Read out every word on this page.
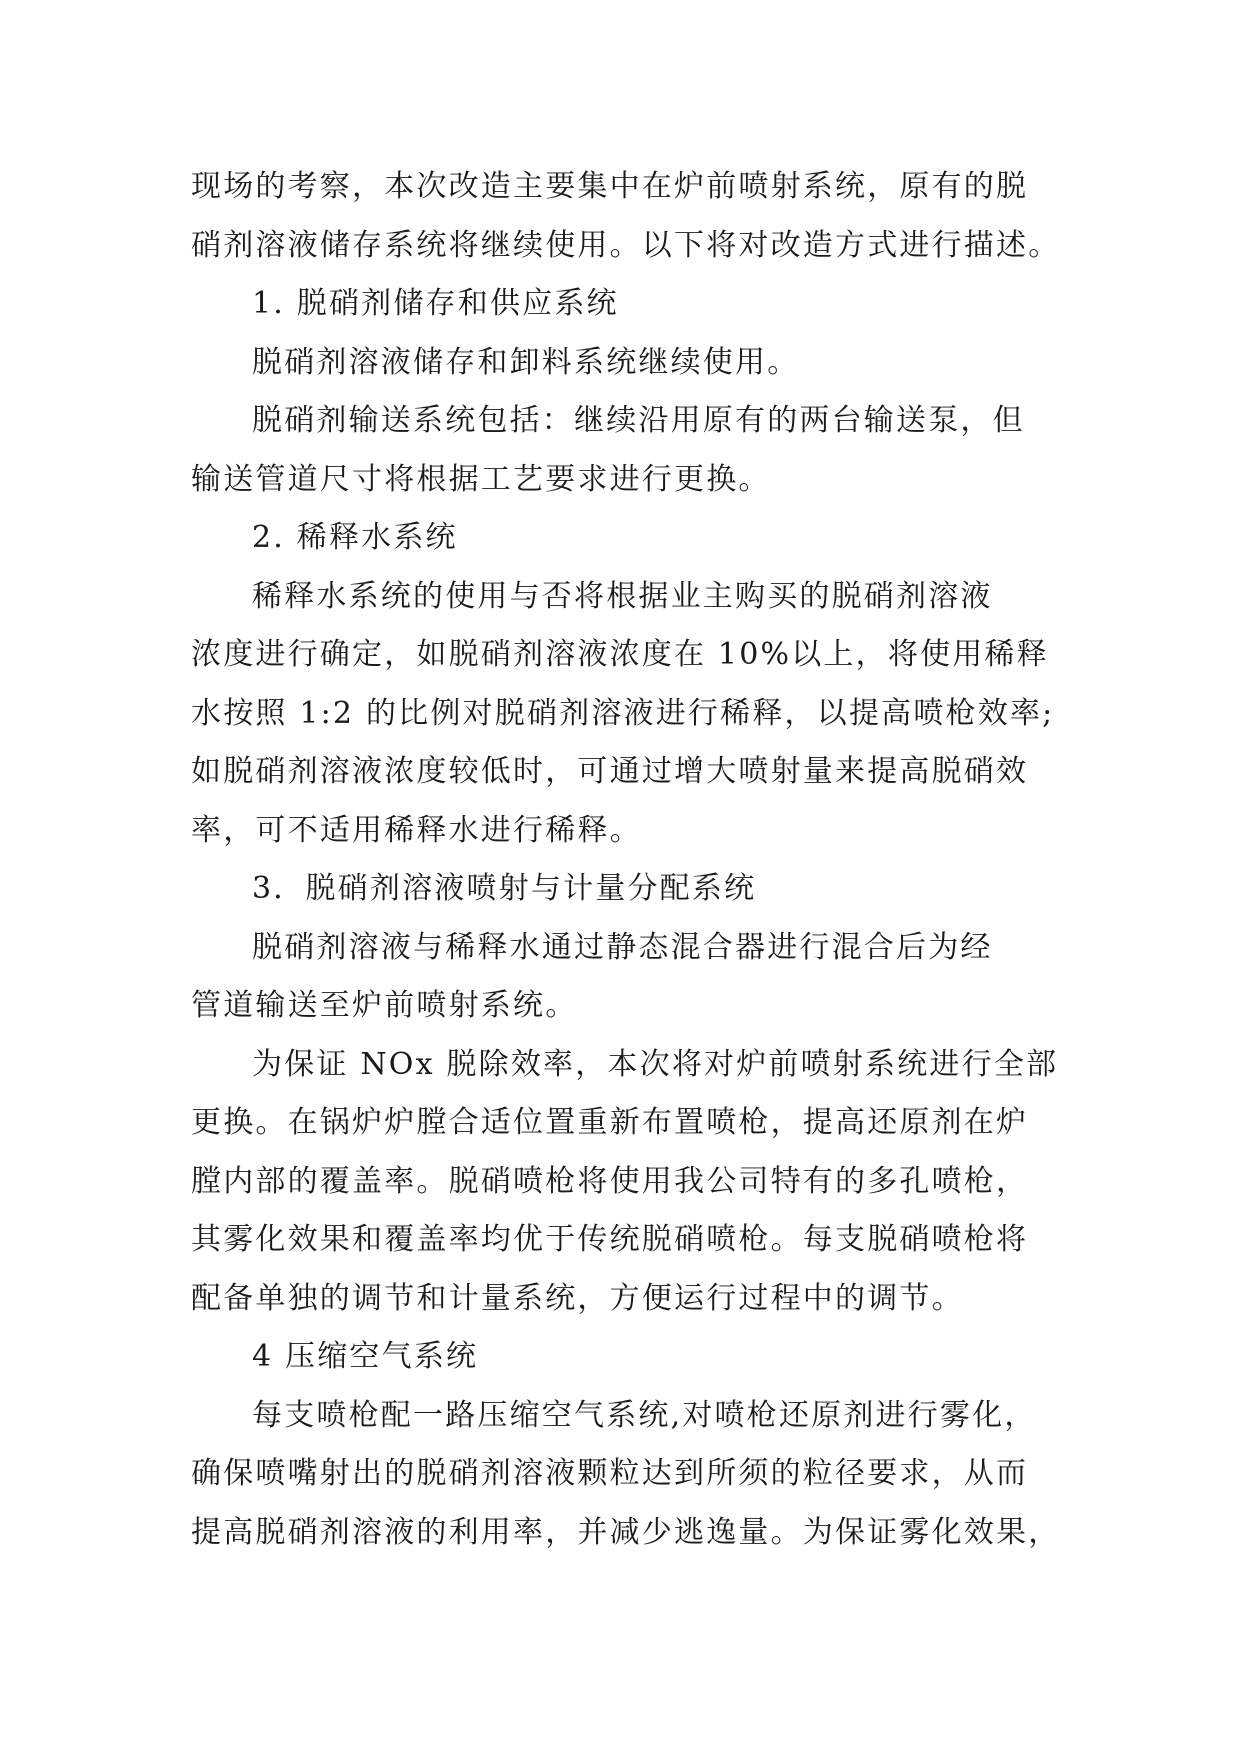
现场的考察，本次改造主要集中在炉前喷射系统，原有的脱
硝剂溶液储存系统将继续使用。以下将对改造方式进行描述。
1. 脱硝剂储存和供应系统
脱硝剂溶液储存和卸料系统继续使用。
脱硝剂输送系统包括：继续沿用原有的两台输送泵，但
输送管道尺寸将根据工艺要求进行更换。
2. 稀释水系统
稀释水系统的使用与否将根据业主购买的脱硝剂溶液
浓度进行确定，如脱硝剂溶液浓度在 10%以上，将使用稀释
水按照 1:2 的比例对脱硝剂溶液进行稀释，以提高喷枪效率;
如脱硝剂溶液浓度较低时，可通过增大喷射量来提高脱硝效
率，可不适用稀释水进行稀释。
3．脱硝剂溶液喷射与计量分配系统
脱硝剂溶液与稀释水通过静态混合器进行混合后为经
管道输送至炉前喷射系统。
为保证 NOx 脱除效率，本次将对炉前喷射系统进行全部
更换。在锅炉炉膛合适位置重新布置喷枪，提高还原剂在炉
膛内部的覆盖率。脱硝喷枪将使用我公司特有的多孔喷枪，
其雾化效果和覆盖率均优于传统脱硝喷枪。每支脱硝喷枪将
配备单独的调节和计量系统，方便运行过程中的调节。
4 压缩空气系统
每支喷枪配一路压缩空气系统,对喷枪还原剂进行雾化，
确保喷嘴射出的脱硝剂溶液颗粒达到所须的粒径要求，从而
提高脱硝剂溶液的利用率，并减少逃逸量。为保证雾化效果，
